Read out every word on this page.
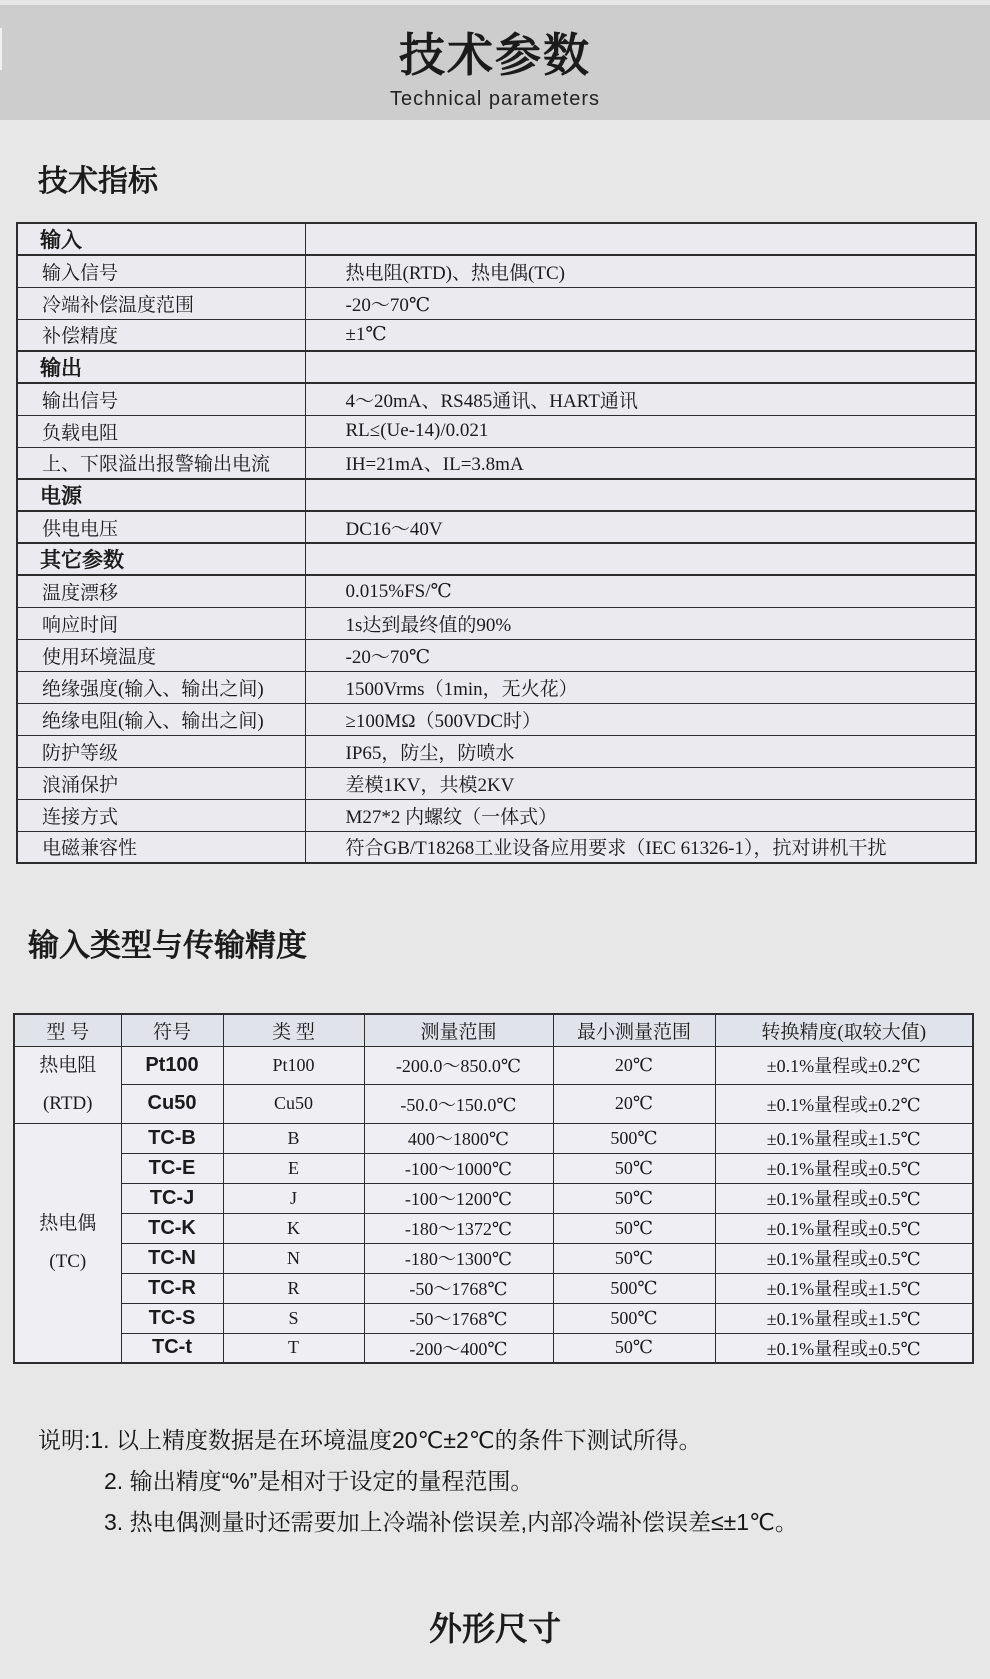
技术参数
Technical parameters
技术指标
输入	
输入信号	热电阻(RTD)、热电偶(TC)
冷端补偿温度范围	-20～70℃
补偿精度	±1℃
输出	
输出信号	4～20mA、RS485通讯、HART通讯
负载电阻	RL≤(Ue-14)/0.021
上、下限溢出报警输出电流	IH=21mA、IL=3.8mA
电源	
供电电压	DC16～40V
其它参数	
温度漂移	0.015%FS/℃
响应时间	1s达到最终值的90%
使用环境温度	-20～70℃
绝缘强度(输入、输出之间)	1500Vrms（1min，无火花）
绝缘电阻(输入、输出之间)	≥100MΩ（500VDC时）
防护等级	IP65，防尘，防喷水
浪涌保护	差模1KV，共模2KV
连接方式	M27*2 内螺纹（一体式）
电磁兼容性	符合GB/T18268工业设备应用要求（IEC 61326-1），抗对讲机干扰
输入类型与传输精度
型 号	符号	类 型	测量范围	最小测量范围	转换精度(取较大值)

热电阻
(RTD)	Pt100	Pt100	-200.0～850.0℃	20℃	±0.1%量程或±0.2℃
	Cu50	Cu50	-50.0～150.0℃	20℃	±0.1%量程或±0.2℃

热电偶
(TC)	TC-B	B	400～1800℃	500℃	±0.1%量程或±1.5℃
	TC-E	E	-100～1000℃	50℃	±0.1%量程或±0.5℃
	TC-J	J	-100～1200℃	50℃	±0.1%量程或±0.5℃
	TC-K	K	-180～1372℃	50℃	±0.1%量程或±0.5℃
	TC-N	N	-180～1300℃	50℃	±0.1%量程或±0.5℃
	TC-R	R	-50～1768℃	500℃	±0.1%量程或±1.5℃
	TC-S	S	-50～1768℃	500℃	±0.1%量程或±1.5℃
	TC-t	T	-200～400℃	50℃	±0.1%量程或±0.5℃
说明:1. 以上精度数据是在环境温度20℃±2℃的条件下测试所得。
2. 输出精度“%”是相对于设定的量程范围。
3. 热电偶测量时还需要加上冷端补偿误差,内部冷端补偿误差≤±1℃。
外形尺寸
